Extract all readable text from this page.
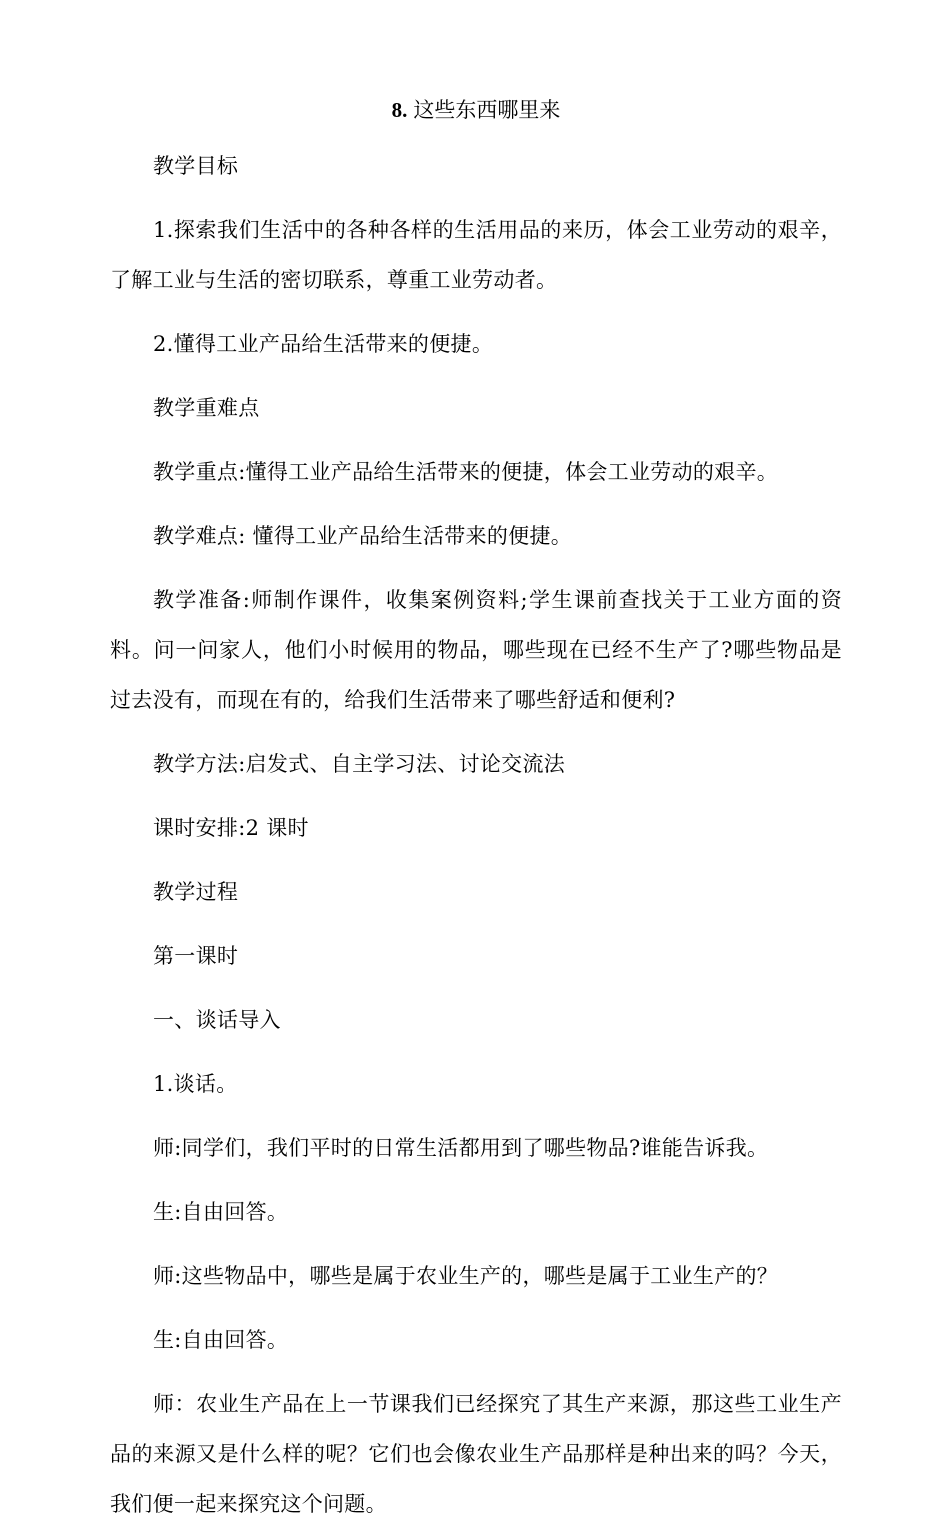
8. 这些东西哪里来

教学目标

1.探索我们生活中的各种各样的生活用品的来历，体会工业劳动的艰辛，了解工业与生活的密切联系，尊重工业劳动者。

2.懂得工业产品给生活带来的便捷。

教学重难点

教学重点:懂得工业产品给生活带来的便捷，体会工业劳动的艰辛。

教学难点: 懂得工业产品给生活带来的便捷。

教学准备:师制作课件，收集案例资料;学生课前查找关于工业方面的资料。问一问家人，他们小时候用的物品，哪些现在已经不生产了?哪些物品是过去没有，而现在有的，给我们生活带来了哪些舒适和便利?

教学方法:启发式、自主学习法、讨论交流法

课时安排:2 课时

教学过程

第一课时

一、谈话导入

1.谈话。

师:同学们，我们平时的日常生活都用到了哪些物品?谁能告诉我。

生:自由回答。

师:这些物品中，哪些是属于农业生产的，哪些是属于工业生产的？

生:自由回答。

师：农业生产品在上一节课我们已经探究了其生产来源，那这些工业生产品的来源又是什么样的呢？它们也会像农业生产品那样是种出来的吗？今天，我们便一起来探究这个问题。
